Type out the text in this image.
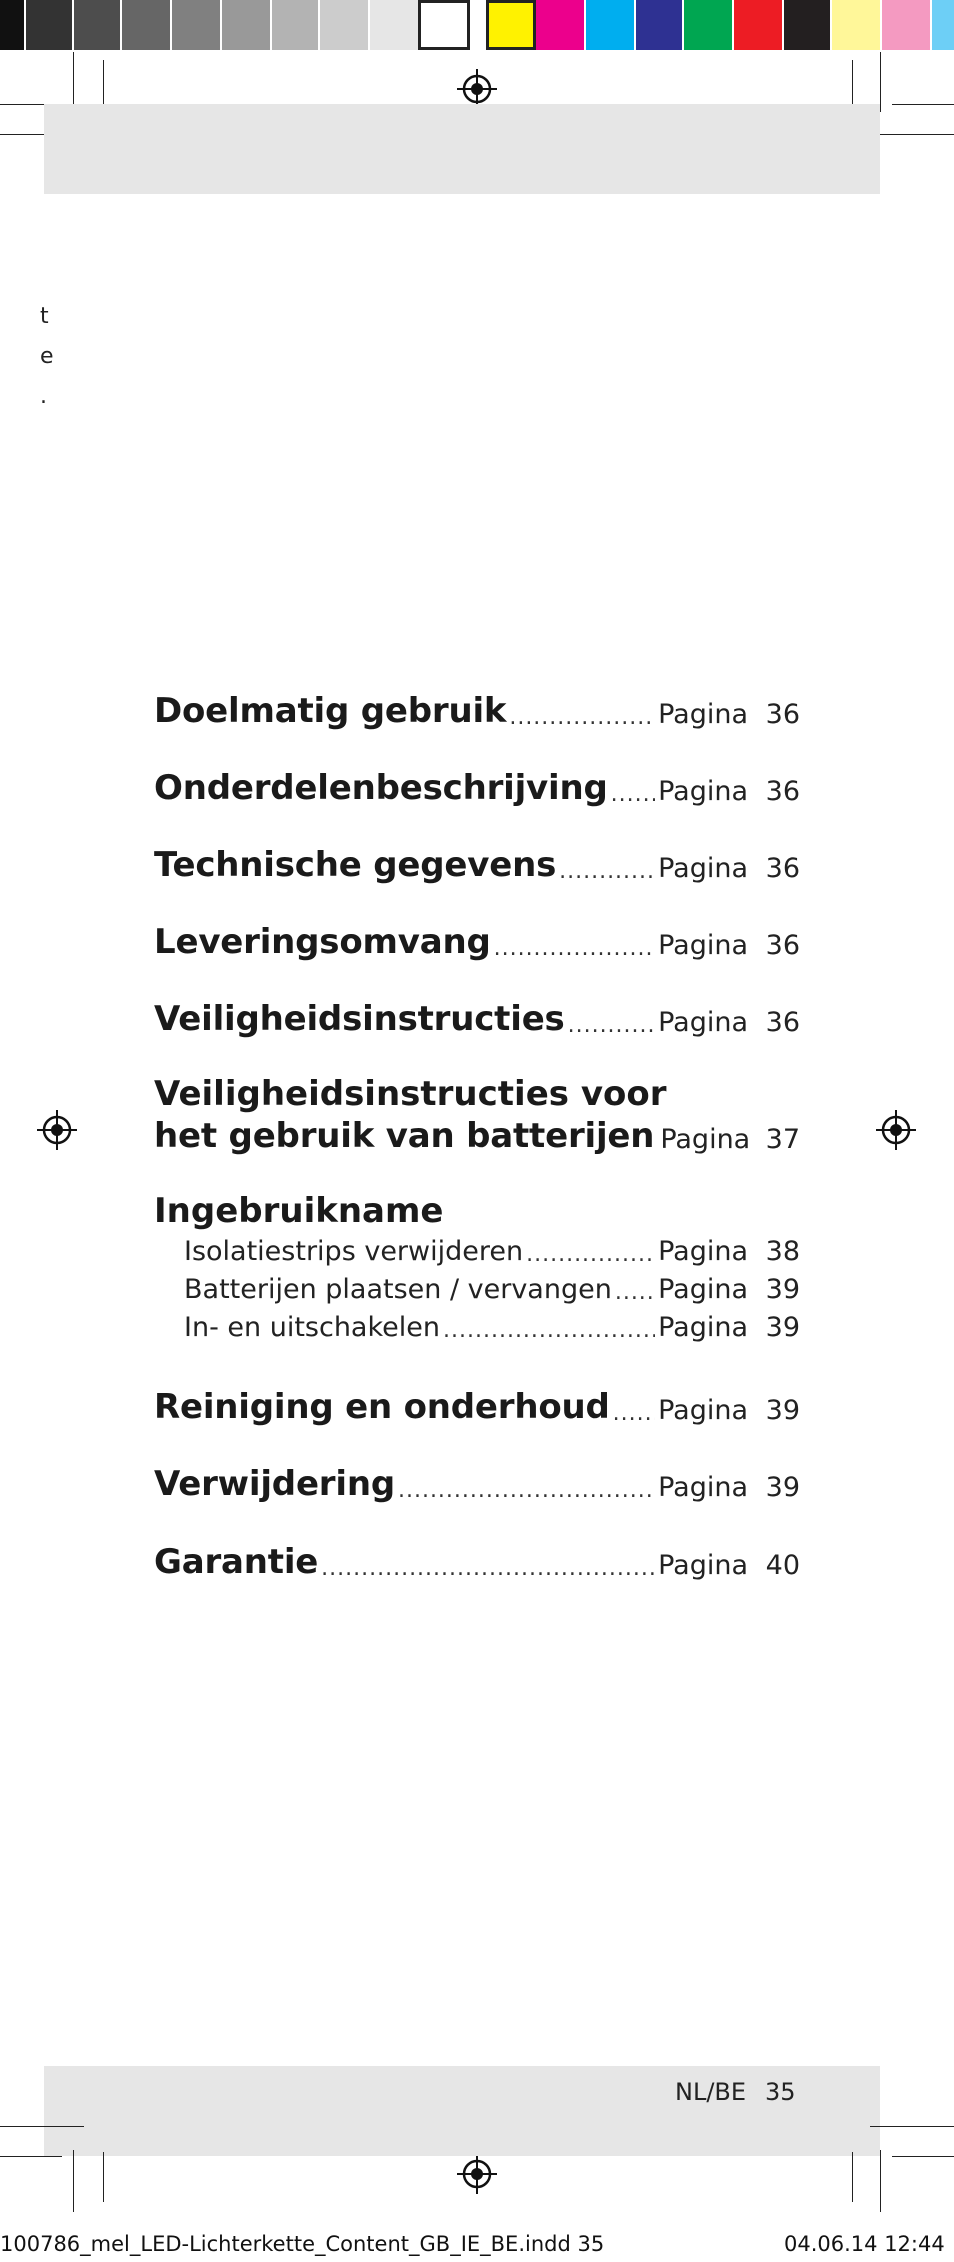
t
e
.
Doelmatig gebruik .....	Pagina 36
Onderdelenbeschrijving ..... Pagina 36
Technische gegevens .....	Pagina 36
Leveringsomvang .....	Pagina 36
Veiligheidsinstructies .....	Pagina 36
Veiligheidsinstructies voor
het gebruik van batterijen Pagina 37
Ingebruikname
Isolatiestrips verwijderen .....	Pagina 38
Batterijen plaatsen / vervangen ..... Pagina 39
In- en uitschakelen .....	Pagina 39
Reiniging en onderhoud ..... Pagina 39
Verwijdering .....	Pagina 39
Garantie .....	Pagina 40
NL/BE 35
100786_mel_LED-Lichterkette_Content_GB_IE_BE.indd 35	04.06.14 12:44
